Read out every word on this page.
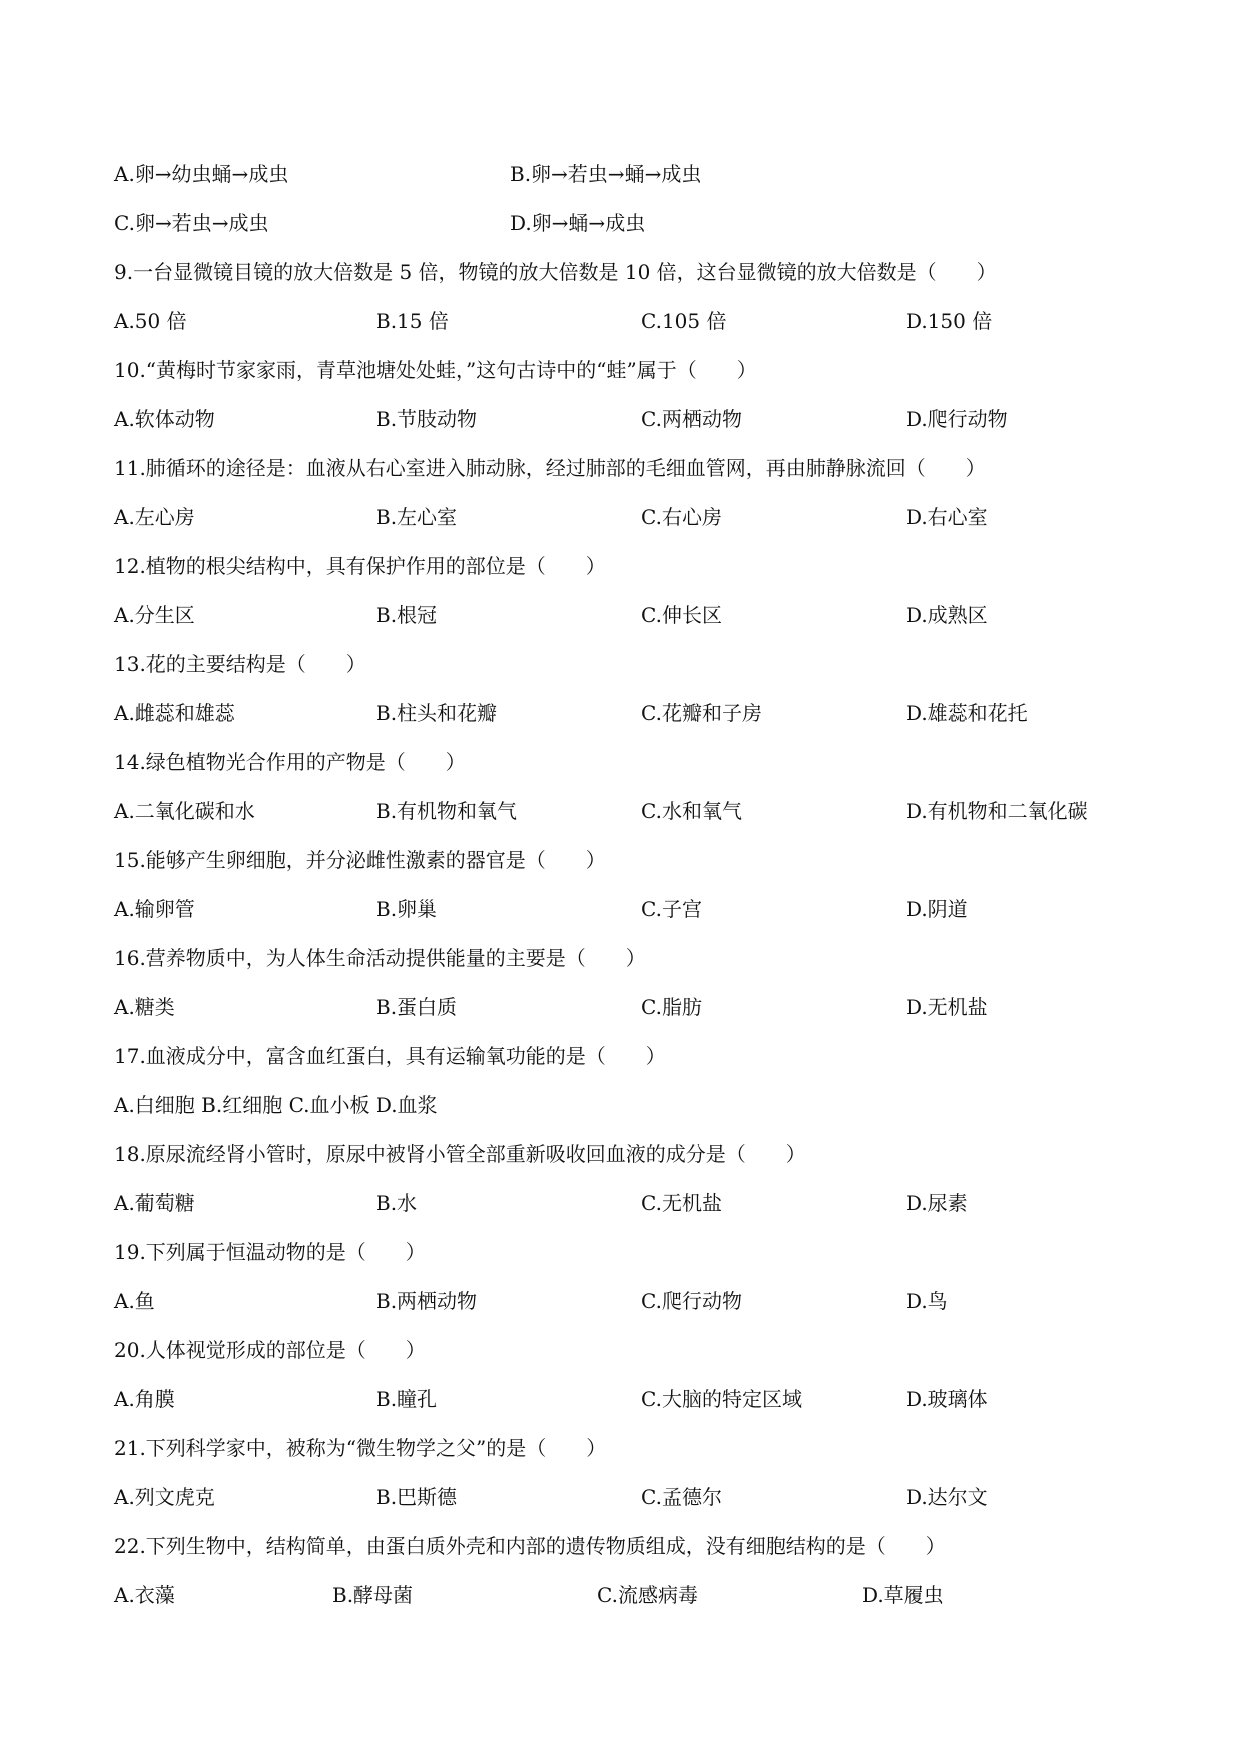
A.卵→幼虫蛹→成虫	B.卵→若虫→蛹→成虫
C.卵→若虫→成虫	D.卵→蛹→成虫
9.一台显微镜目镜的放大倍数是 5 倍，物镜的放大倍数是 10 倍，这台显微镜的放大倍数是（　　）
A.50 倍	B.15 倍	C.105 倍	D.150 倍
10.“黄梅时节家家雨，青草池塘处处蛙，”这句古诗中的“蛙”属于（　　）
A.软体动物	B.节肢动物	C.两栖动物	D.爬行动物
11.肺循环的途径是：血液从右心室进入肺动脉，经过肺部的毛细血管网，再由肺静脉流回（　　）
A.左心房	B.左心室	C.右心房	D.右心室
12.植物的根尖结构中，具有保护作用的部位是（　　）
A.分生区	B.根冠	C.伸长区	D.成熟区
13.花的主要结构是（　　）
A.雌蕊和雄蕊	B.柱头和花瓣	C.花瓣和子房	D.雄蕊和花托
14.绿色植物光合作用的产物是（　　）
A.二氧化碳和水	B.有机物和氧气	C.水和氧气	D.有机物和二氧化碳
15.能够产生卵细胞，并分泌雌性激素的器官是（　　）
A.输卵管	B.卵巢	C.子宫	D.阴道
16.营养物质中，为人体生命活动提供能量的主要是（　　）
A.糖类	B.蛋白质	C.脂肪	D.无机盐
17.血液成分中，富含血红蛋白，具有运输氧功能的是（　　）
A.白细胞 B.红细胞 C.血小板 D.血浆
18.原尿流经肾小管时，原尿中被肾小管全部重新吸收回血液的成分是（　　）
A.葡萄糖	B.水	C.无机盐	D.尿素
19.下列属于恒温动物的是（　　）
A.鱼	B.两栖动物	C.爬行动物	D.鸟
20.人体视觉形成的部位是（　　）
A.角膜	B.瞳孔	C.大脑的特定区域	D.玻璃体
21.下列科学家中，被称为“微生物学之父”的是（　　）
A.列文虎克	B.巴斯德	C.孟德尔	D.达尔文
22.下列生物中，结构简单，由蛋白质外壳和内部的遗传物质组成，没有细胞结构的是（　　）
A.衣藻	B.酵母菌	C.流感病毒	D.草履虫
